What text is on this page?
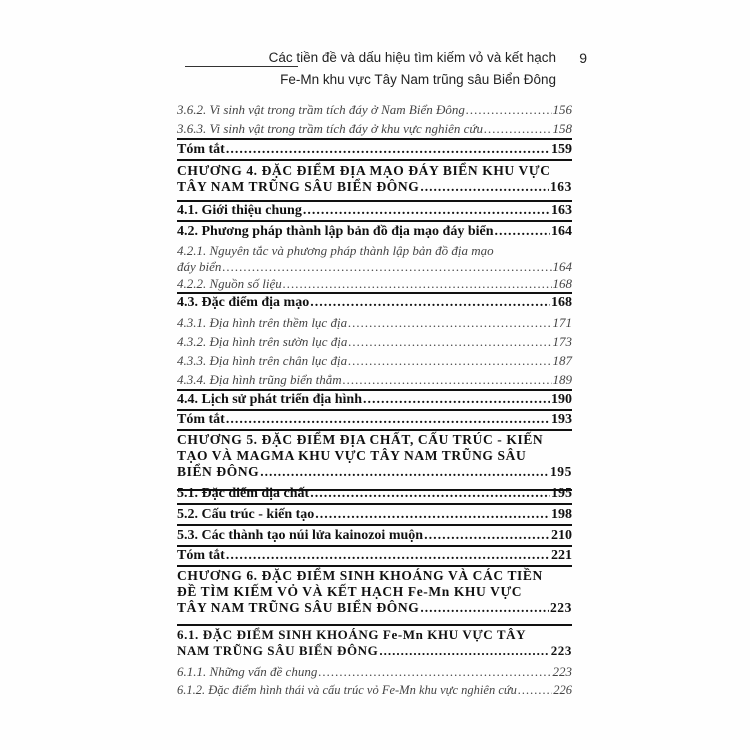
Các tiền đề và dấu hiệu tìm kiếm vỏ và kết hạch
Fe-Mn khu vực Tây Nam trũng sâu Biển Đông
9
3.6.2. Vi sinh vật trong trầm tích đáy ở Nam Biển Đông .....	156
3.6.3. Vi sinh vật trong trầm tích đáy ở khu vực nghiên cứu .....	158
Tóm tắt .....	159
CHƯƠNG 4. ĐẶC ĐIỂM ĐỊA MẠO ĐÁY BIỂN KHU VỰC
TÂY NAM TRŨNG SÂU BIỂN ĐÔNG .....	163
4.1. Giới thiệu chung .....	163
4.2. Phương pháp thành lập bản đồ địa mạo đáy biển .....	164
4.2.1. Nguyên tắc và phương pháp thành lập bản đồ địa mạo
đáy biển .....	164
4.2.2. Nguồn số liệu .....	168
4.3. Đặc điểm địa mạo .....	168
4.3.1. Địa hình trên thềm lục địa .....	171
4.3.2. Địa hình trên sườn lục địa .....	173
4.3.3. Địa hình trên chân lục địa .....	187
4.3.4. Địa hình trũng biển thẳm .....	189
4.4. Lịch sử phát triển địa hình .....	190
Tóm tắt .....	193
CHƯƠNG 5. ĐẶC ĐIỂM ĐỊA CHẤT, CẤU TRÚC - KIẾN
TẠO VÀ MAGMA KHU VỰC TÂY NAM TRŨNG SÂU
BIỂN ĐÔNG .....	195
5.1. Đặc điểm địa chất .....	195
5.2. Cấu trúc - kiến tạo .....	198
5.3. Các thành tạo núi lửa kainozoi muộn .....	210
Tóm tắt .....	221
CHƯƠNG 6. ĐẶC ĐIỂM SINH KHOÁNG VÀ CÁC TIỀN
ĐỀ TÌM KIẾM VỎ VÀ KẾT HẠCH Fe-Mn KHU VỰC
TÂY NAM TRŨNG SÂU BIỂN ĐÔNG .....	223
6.1. ĐẶC ĐIỂM SINH KHOÁNG Fe-Mn KHU VỰC TÂY
NAM TRŨNG SÂU BIỂN ĐÔNG .....	223
6.1.1. Những vấn đề chung .....	223
6.1.2. Đặc điểm hình thái và cấu trúc vỏ Fe-Mn khu vực nghiên cứu .....	226
